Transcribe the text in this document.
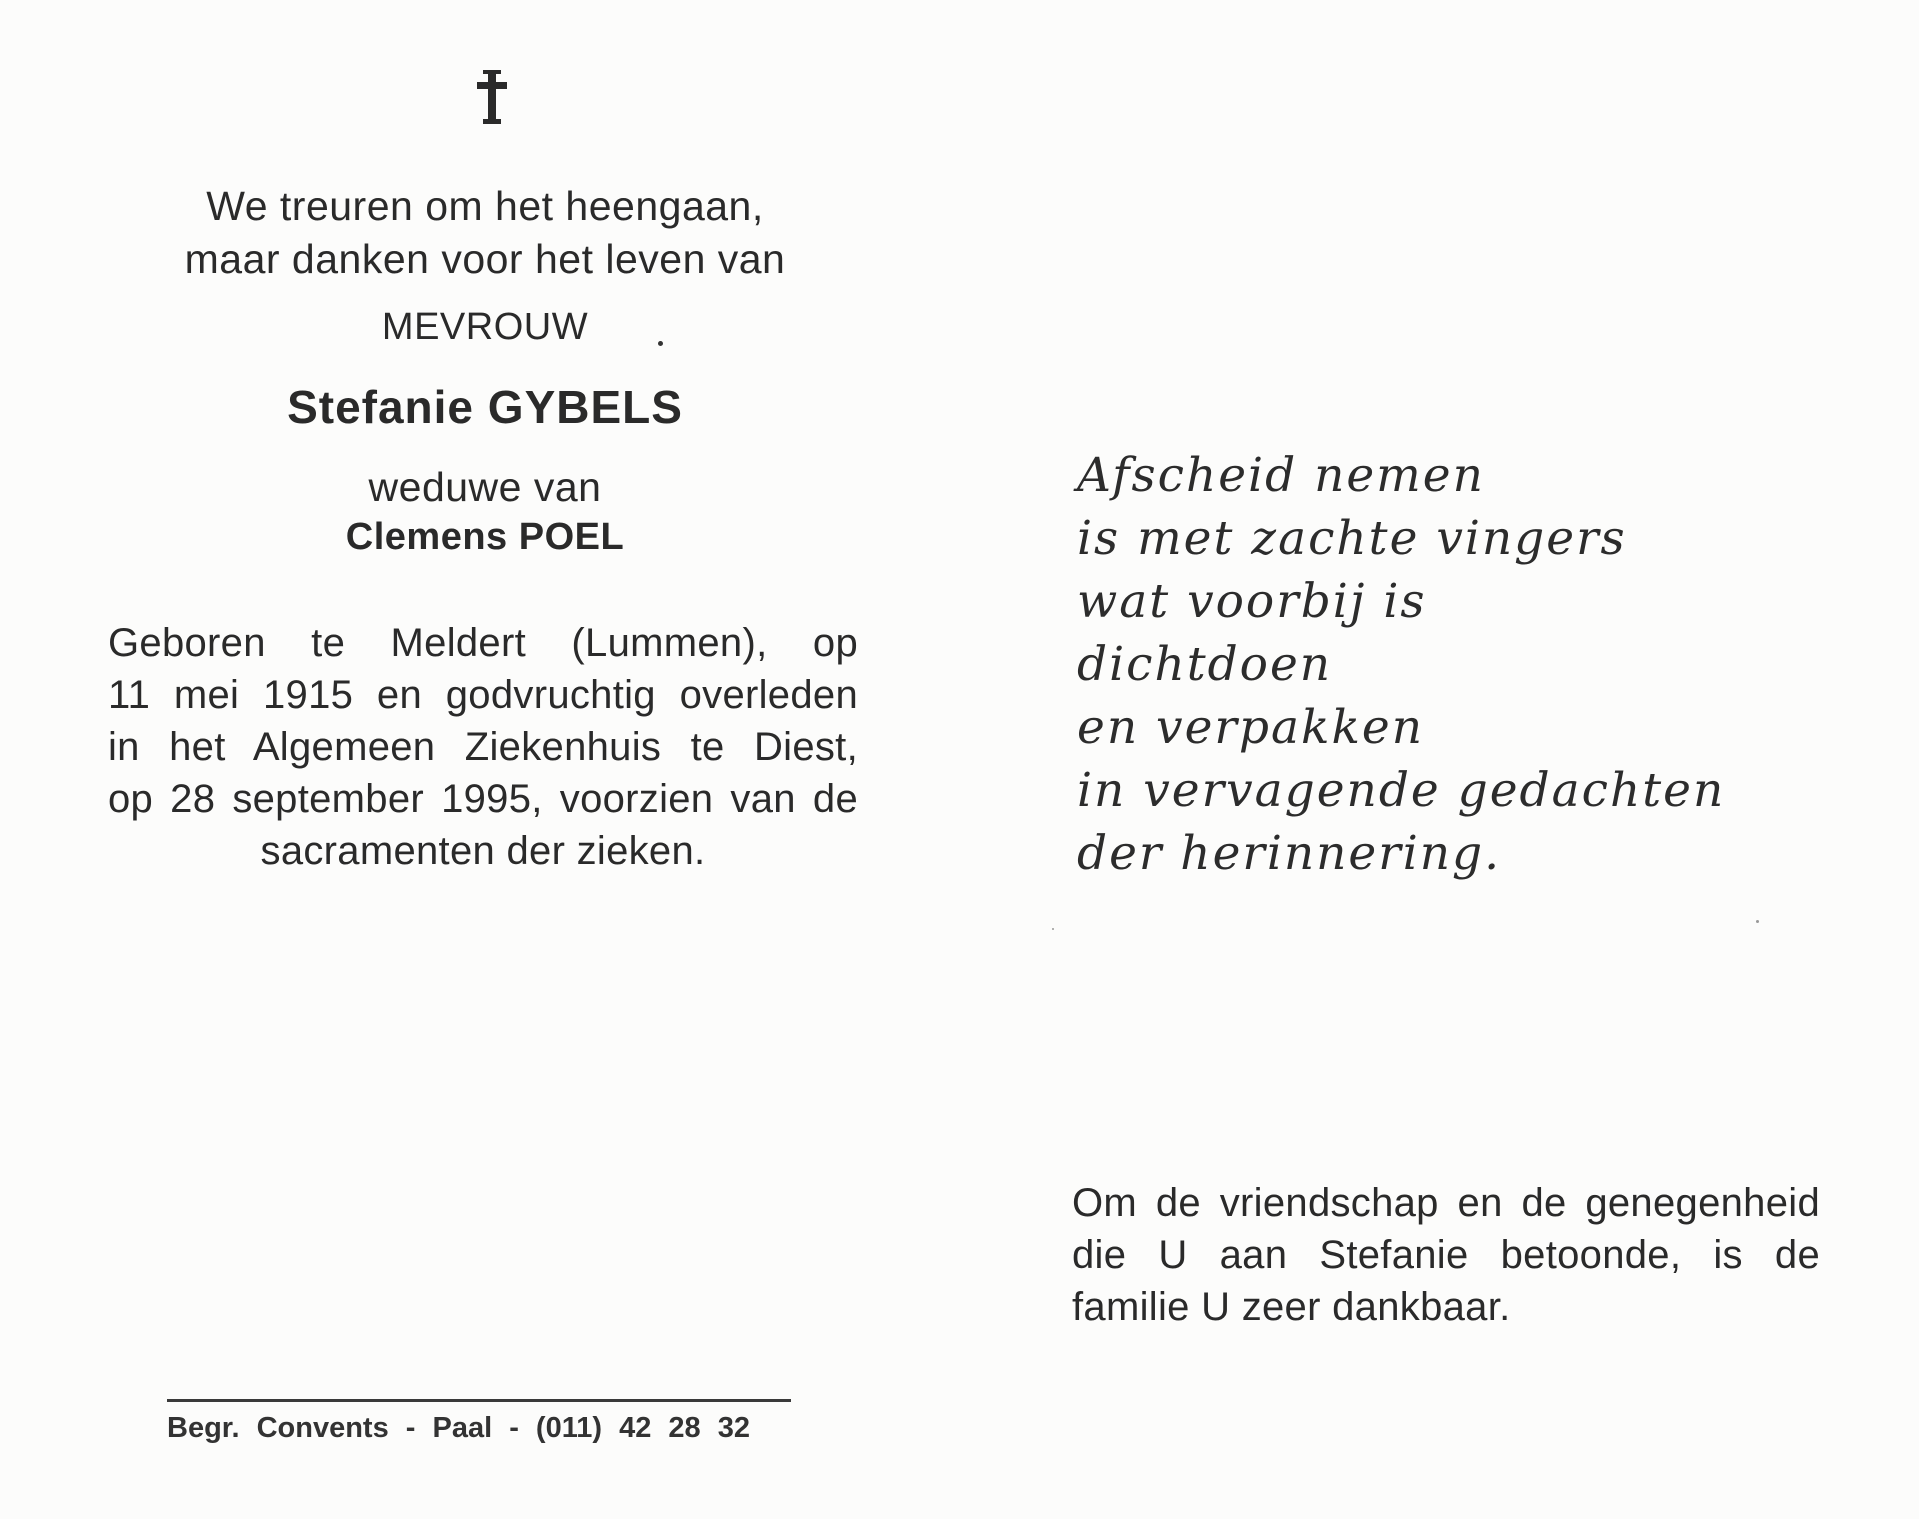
We treuren om het heengaan,
maar danken voor het leven van
MEVROUW
Stefanie GYBELS
weduwe van
Clemens POEL
Geboren te Meldert (Lummen), op
11 mei 1915 en godvruchtig overleden
in het Algemeen Ziekenhuis te Diest,
op 28 september 1995, voorzien van de
sacramenten der zieken.
Afscheid nemen
is met zachte vingers
wat voorbij is
dichtdoen
en verpakken
in vervagende gedachten
der herinnering.
Om de vriendschap en de genegenheid
die U aan Stefanie betoonde, is de
familie U zeer dankbaar.
Begr. Convents - Paal - (011) 42 28 32
